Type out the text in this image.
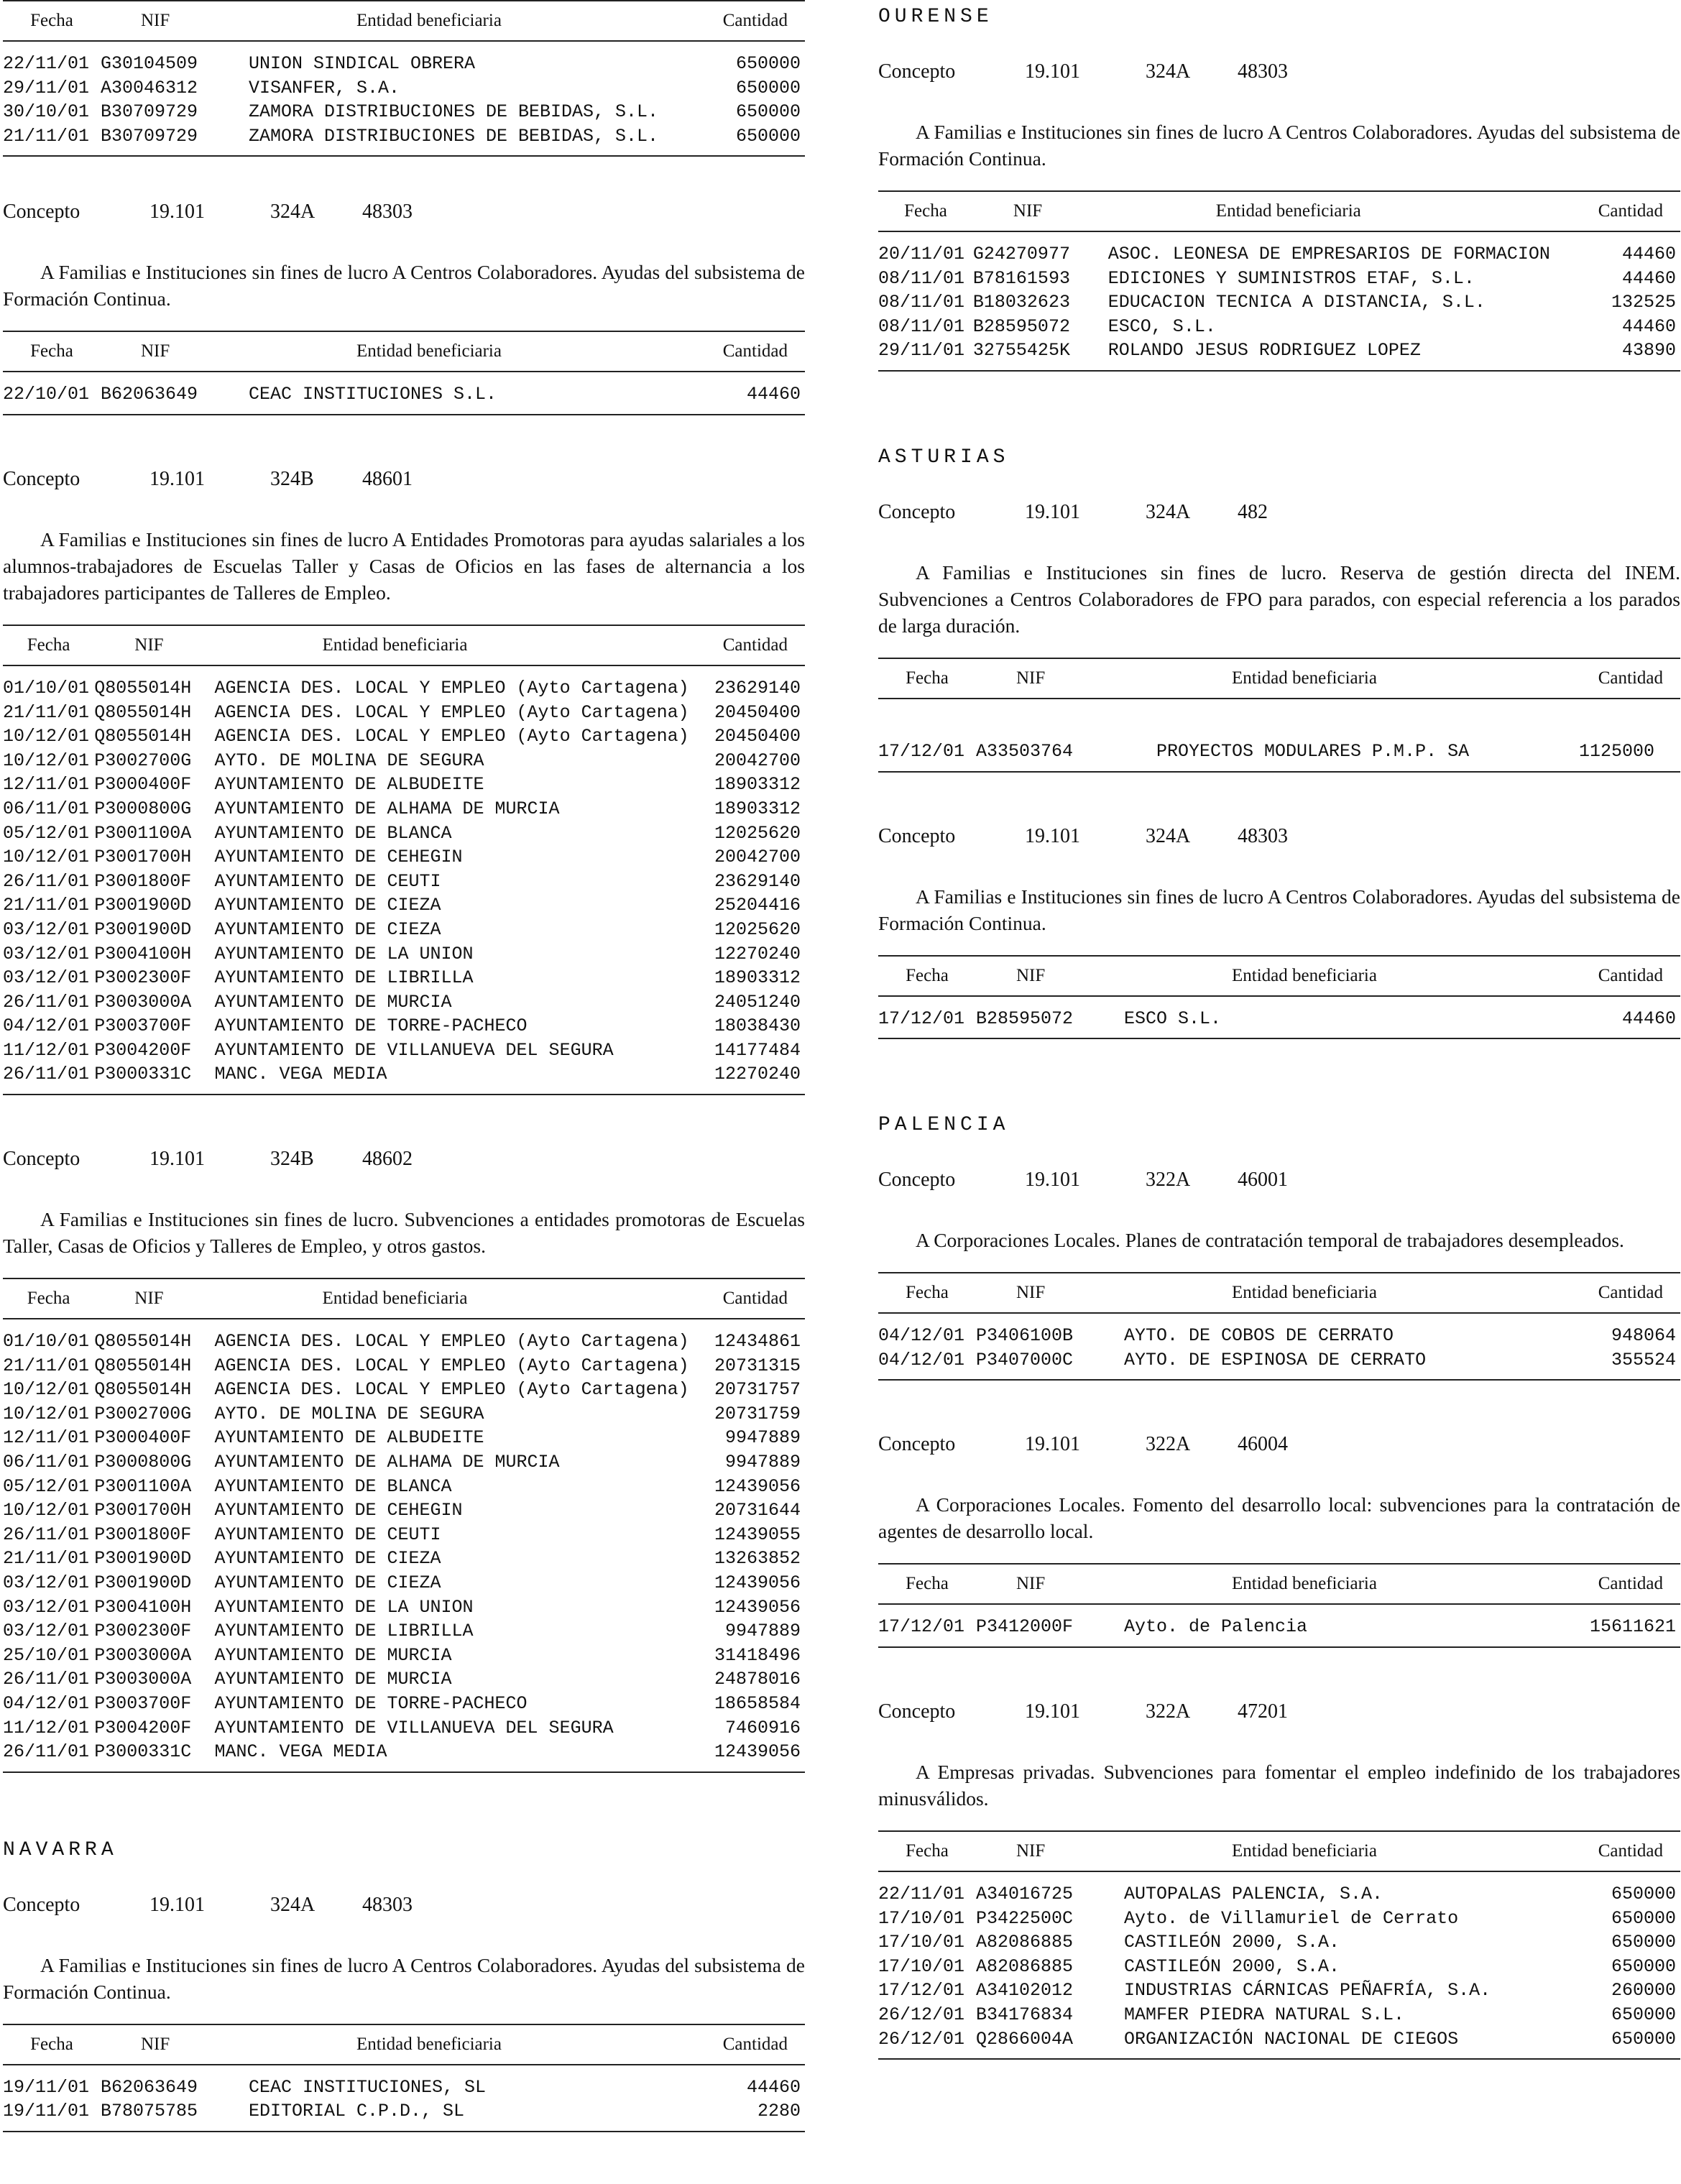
Fecha	NIF	Entidad beneficiaria	Cantidad
22/11/01	G30104509	UNION SINDICAL OBRERA	650000
29/11/01	A30046312	VISANFER, S.A.	650000
30/10/01	B30709729	ZAMORA DISTRIBUCIONES DE BEBIDAS, S.L.	650000
21/11/01	B30709729	ZAMORA DISTRIBUCIONES DE BEBIDAS, S.L.	650000
Concepto	19.101	324A 48303

A Familias e Instituciones sin fines de lucro A Centros Colaboradores. Ayudas del subsistema de Formación Continua.

Fecha	NIF	Entidad beneficiaria	Cantidad
22/10/01	B62063649	CEAC INSTITUCIONES S.L.	44460
Concepto	19.101	324B 48601

A Familias e Instituciones sin fines de lucro A Entidades Promotoras para ayudas salariales a los alumnos-trabajadores de Escuelas Taller y Casas de Oficios en las fases de alternancia a los trabajadores participantes de Talleres de Empleo.

Fecha	NIF	Entidad beneficiaria	Cantidad
01/10/01	Q8055014H	AGENCIA DES. LOCAL Y EMPLEO (Ayto Cartagena)	23629140
21/11/01	Q8055014H	AGENCIA DES. LOCAL Y EMPLEO (Ayto Cartagena)	20450400
10/12/01	Q8055014H	AGENCIA DES. LOCAL Y EMPLEO (Ayto Cartagena)	20450400
10/12/01	P3002700G	AYTO. DE MOLINA DE SEGURA	20042700
12/11/01	P3000400F	AYUNTAMIENTO DE ALBUDEITE	18903312
06/11/01	P3000800G	AYUNTAMIENTO DE ALHAMA DE MURCIA	18903312
05/12/01	P3001100A	AYUNTAMIENTO DE BLANCA	12025620
10/12/01	P3001700H	AYUNTAMIENTO DE CEHEGIN	20042700
26/11/01	P3001800F	AYUNTAMIENTO DE CEUTI	23629140
21/11/01	P3001900D	AYUNTAMIENTO DE CIEZA	25204416
03/12/01	P3001900D	AYUNTAMIENTO DE CIEZA	12025620
03/12/01	P3004100H	AYUNTAMIENTO DE LA UNION	12270240
03/12/01	P3002300F	AYUNTAMIENTO DE LIBRILLA	18903312
26/11/01	P3003000A	AYUNTAMIENTO DE MURCIA	24051240
04/12/01	P3003700F	AYUNTAMIENTO DE TORRE-PACHECO	18038430
11/12/01	P3004200F	AYUNTAMIENTO DE VILLANUEVA DEL SEGURA	14177484
26/11/01	P3000331C	MANC. VEGA MEDIA	12270240
Concepto	19.101	324B 48602

A Familias e Instituciones sin fines de lucro. Subvenciones a entidades promotoras de Escuelas Taller, Casas de Oficios y Talleres de Empleo, y otros gastos.

Fecha	NIF	Entidad beneficiaria	Cantidad
01/10/01	Q8055014H	AGENCIA DES. LOCAL Y EMPLEO (Ayto Cartagena)	12434861
21/11/01	Q8055014H	AGENCIA DES. LOCAL Y EMPLEO (Ayto Cartagena)	20731315
10/12/01	Q8055014H	AGENCIA DES. LOCAL Y EMPLEO (Ayto Cartagena)	20731757
10/12/01	P3002700G	AYTO. DE MOLINA DE SEGURA	20731759
12/11/01	P3000400F	AYUNTAMIENTO DE ALBUDEITE	9947889
06/11/01	P3000800G	AYUNTAMIENTO DE ALHAMA DE MURCIA	9947889
05/12/01	P3001100A	AYUNTAMIENTO DE BLANCA	12439056
10/12/01	P3001700H	AYUNTAMIENTO DE CEHEGIN	20731644
26/11/01	P3001800F	AYUNTAMIENTO DE CEUTI	12439055
21/11/01	P3001900D	AYUNTAMIENTO DE CIEZA	13263852
03/12/01	P3001900D	AYUNTAMIENTO DE CIEZA	12439056
03/12/01	P3004100H	AYUNTAMIENTO DE LA UNION	12439056
03/12/01	P3002300F	AYUNTAMIENTO DE LIBRILLA	9947889
25/10/01	P3003000A	AYUNTAMIENTO DE MURCIA	31418496
26/11/01	P3003000A	AYUNTAMIENTO DE MURCIA	24878016
04/12/01	P3003700F	AYUNTAMIENTO DE TORRE-PACHECO	18658584
11/12/01	P3004200F	AYUNTAMIENTO DE VILLANUEVA DEL SEGURA	7460916
26/11/01	P3000331C	MANC. VEGA MEDIA	12439056
NAVARRA
Concepto	19.101	324A 48303

A Familias e Instituciones sin fines de lucro A Centros Colaboradores. Ayudas del subsistema de Formación Continua.

Fecha	NIF	Entidad beneficiaria	Cantidad
19/11/01	B62063649	CEAC INSTITUCIONES, SL	44460
19/11/01	B78075785	EDITORIAL C.P.D., SL	2280
OURENSE
Concepto	19.101	324A 48303

A Familias e Instituciones sin fines de lucro A Centros Colaboradores. Ayudas del subsistema de Formación Continua.

Fecha	NIF	Entidad beneficiaria	Cantidad
20/11/01	G24270977	ASOC. LEONESA DE EMPRESARIOS DE FORMACION	44460
08/11/01	B78161593	EDICIONES Y SUMINISTROS ETAF, S.L.	44460
08/11/01	B18032623	EDUCACION TECNICA A DISTANCIA, S.L.	132525
08/11/01	B28595072	ESCO, S.L.	44460
29/11/01	32755425K	ROLANDO JESUS RODRIGUEZ LOPEZ	43890
ASTURIAS
Concepto	19.101	324A 482

A Familias e Instituciones sin fines de lucro. Reserva de gestión directa del INEM. Subvenciones a Centros Colaboradores de FPO para parados, con especial referencia a los parados de larga duración.

Fecha	NIF	Entidad beneficiaria	Cantidad

17/12/01	A33503764	PROYECTOS MODULARES P.M.P. SA	1125000
Concepto	19.101	324A 48303

A Familias e Instituciones sin fines de lucro A Centros Colaboradores. Ayudas del subsistema de Formación Continua.

Fecha	NIF	Entidad beneficiaria	Cantidad
17/12/01	B28595072	ESCO S.L.	44460
PALENCIA
Concepto	19.101	322A 46001

A Corporaciones Locales. Planes de contratación temporal de trabajadores desempleados.

Fecha	NIF	Entidad beneficiaria	Cantidad
04/12/01	P3406100B	AYTO. DE COBOS DE CERRATO	948064
04/12/01	P3407000C	AYTO. DE ESPINOSA DE CERRATO	355524
Concepto	19.101	322A 46004

A Corporaciones Locales. Fomento del desarrollo local: subvenciones para la contratación de agentes de desarrollo local.

Fecha	NIF	Entidad beneficiaria	Cantidad
17/12/01	P3412000F	Ayto. de Palencia	15611621
Concepto	19.101	322A 47201

A Empresas privadas. Subvenciones para fomentar el empleo indefinido de los trabajadores minusválidos.

Fecha	NIF	Entidad beneficiaria	Cantidad
22/11/01	A34016725	AUTOPALAS PALENCIA, S.A.	650000
17/10/01	P3422500C	Ayto. de Villamuriel de Cerrato	650000
17/10/01	A82086885	CASTILEÓN 2000, S.A.	650000
17/10/01	A82086885	CASTILEÓN 2000, S.A.	650000
17/12/01	A34102012	INDUSTRIAS CÁRNICAS PEÑAFRÍA, S.A.	260000
26/12/01	B34176834	MAMFER PIEDRA NATURAL S.L.	650000
26/12/01	Q2866004A	ORGANIZACIÓN NACIONAL DE CIEGOS	650000
